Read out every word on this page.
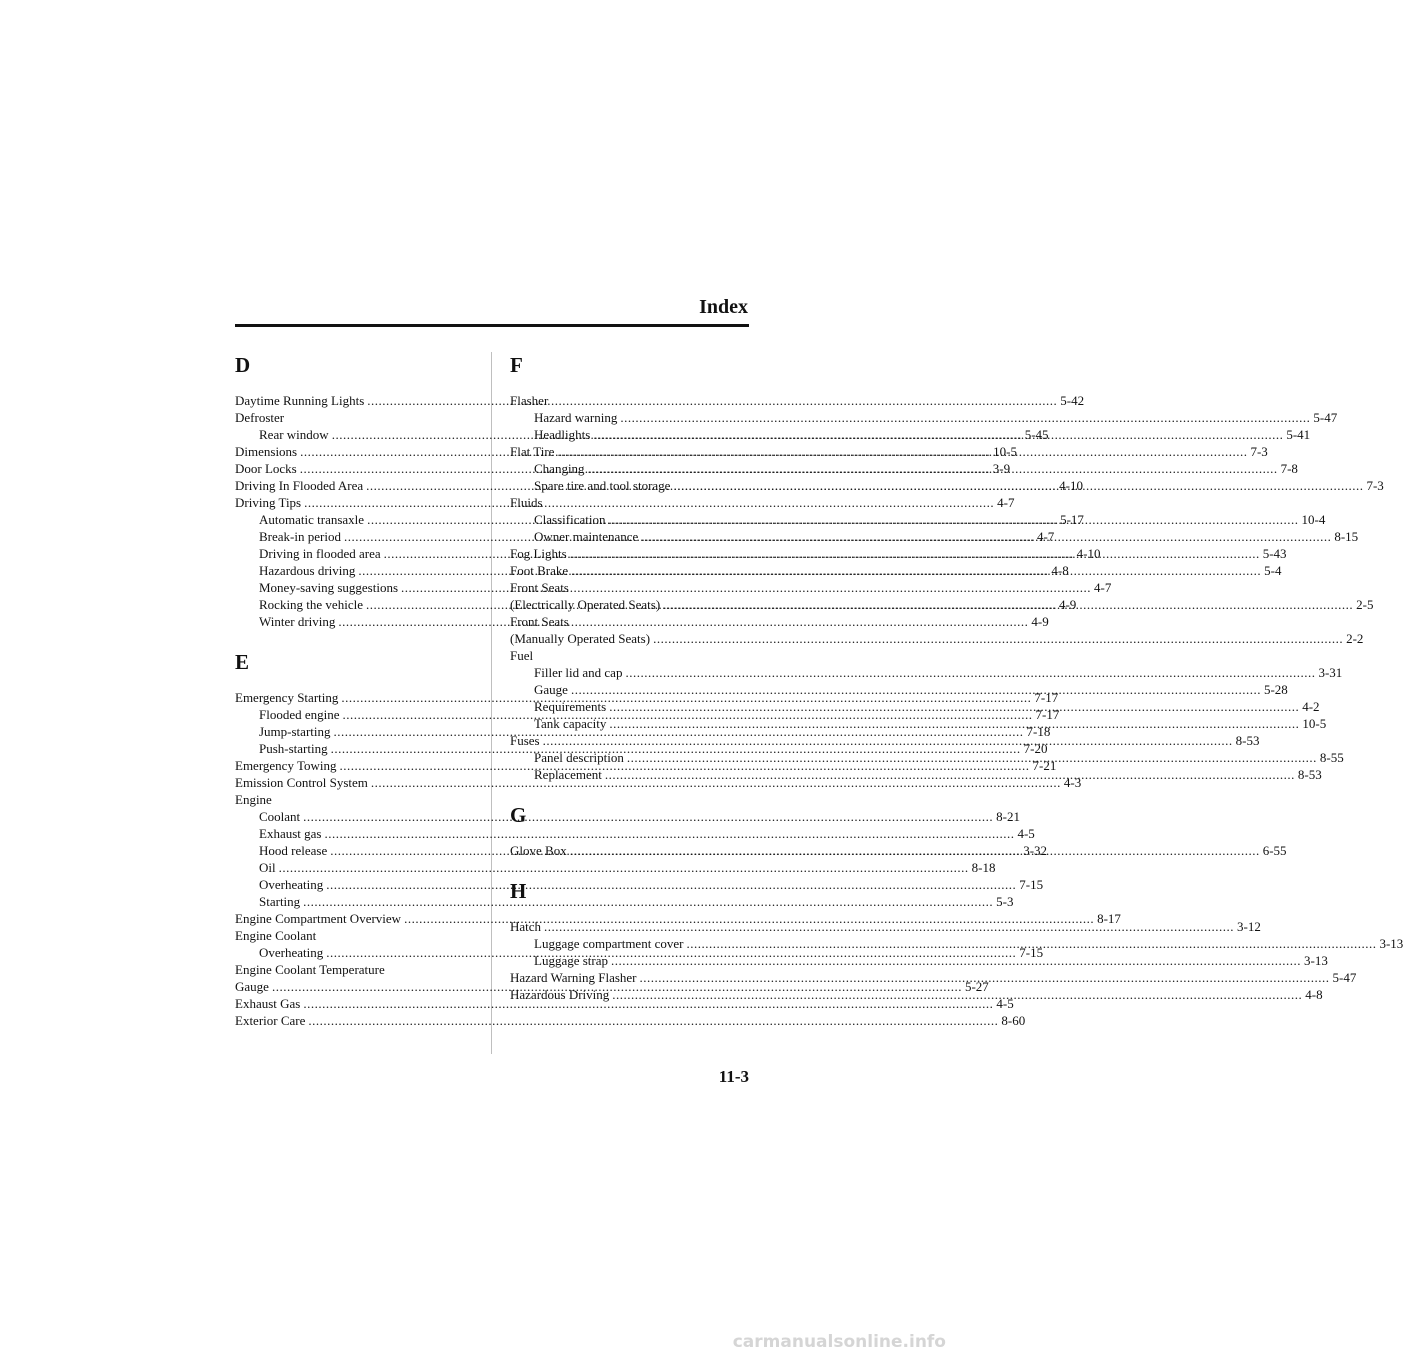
Index
D
Daytime Running Lights .....	5-42
Defroster
Rear window .....	5-45
Dimensions .....	10-5
Door Locks .....	3-9
Driving In Flooded Area .....	4-10
Driving Tips .....	4-7
Automatic transaxle .....	5-17
Break-in period .....	4-7
Driving in flooded area .....	4-10
Hazardous driving .....	4-8
Money-saving suggestions .....	4-7
Rocking the vehicle .....	4-9
Winter driving .....	4-9
E
Emergency Starting .....	7-17
Flooded engine .....	7-17
Jump-starting .....	7-18
Push-starting .....	7-20
Emergency Towing .....	7-21
Emission Control System .....	4-3
Engine
Coolant .....	8-21
Exhaust gas .....	4-5
Hood release .....	3-32
Oil .....	8-18
Overheating .....	7-15
Starting .....	5-3
Engine Compartment Overview .....	8-17
Engine Coolant
Overheating .....	7-15
Engine Coolant Temperature
Gauge .....	5-27
Exhaust Gas .....	4-5
Exterior Care .....	8-60
F
Flasher
Hazard warning .....	5-47
Headlights .....	5-41
Flat Tire .....	7-3
Changing .....	7-8
Spare tire and tool storage .....	7-3
Fluids
Classification .....	10-4
Owner maintenance .....	8-15
Fog Lights .....	5-43
Foot Brake .....	5-4
Front Seats
(Electrically Operated Seats) .....	2-5
Front Seats
(Manually Operated Seats) .....	2-2
Fuel
Filler lid and cap .....	3-31
Gauge .....	5-28
Requirements .....	4-2
Tank capacity .....	10-5
Fuses .....	8-53
Panel description .....	8-55
Replacement .....	8-53
G
Glove Box .....	6-55
H
Hatch .....	3-12
Luggage compartment cover .....	3-13
Luggage strap .....	3-13
Hazard Warning Flasher .....	5-47
Hazardous Driving .....	4-8
11-3
carmanualsonline.info
